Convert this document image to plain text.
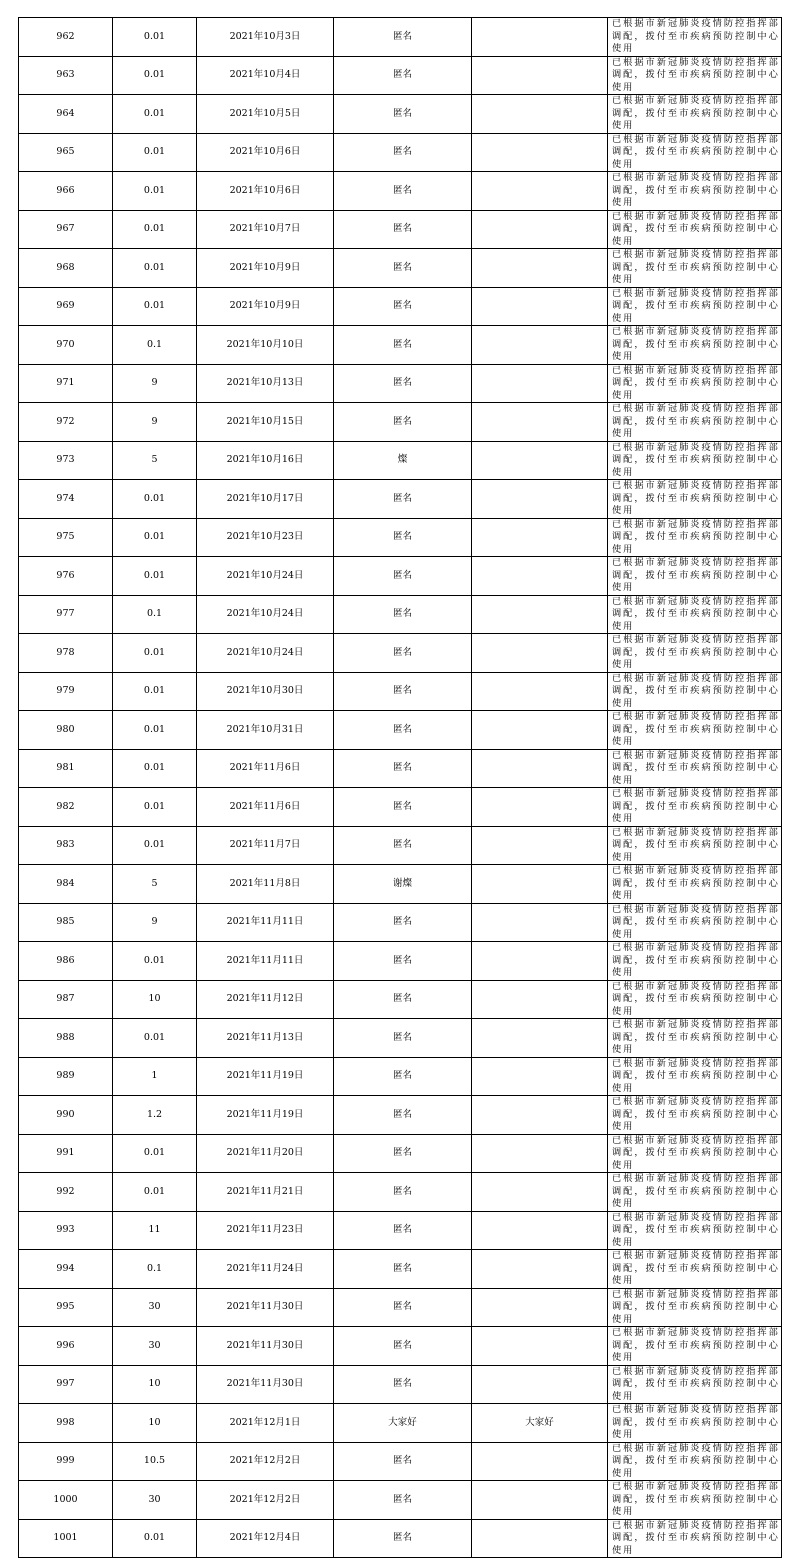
962	0.01	2021年10月3日	匿名		已根据市新冠肺炎疫情防控指挥部调配，拨付至市疾病预防控制中心使用
963	0.01	2021年10月4日	匿名		已根据市新冠肺炎疫情防控指挥部调配，拨付至市疾病预防控制中心使用
964	0.01	2021年10月5日	匿名		已根据市新冠肺炎疫情防控指挥部调配，拨付至市疾病预防控制中心使用
965	0.01	2021年10月6日	匿名		已根据市新冠肺炎疫情防控指挥部调配，拨付至市疾病预防控制中心使用
966	0.01	2021年10月6日	匿名		已根据市新冠肺炎疫情防控指挥部调配，拨付至市疾病预防控制中心使用
967	0.01	2021年10月7日	匿名		已根据市新冠肺炎疫情防控指挥部调配，拨付至市疾病预防控制中心使用
968	0.01	2021年10月9日	匿名		已根据市新冠肺炎疫情防控指挥部调配，拨付至市疾病预防控制中心使用
969	0.01	2021年10月9日	匿名		已根据市新冠肺炎疫情防控指挥部调配，拨付至市疾病预防控制中心使用
970	0.1	2021年10月10日	匿名		已根据市新冠肺炎疫情防控指挥部调配，拨付至市疾病预防控制中心使用
971	9	2021年10月13日	匿名		已根据市新冠肺炎疫情防控指挥部调配，拨付至市疾病预防控制中心使用
972	9	2021年10月15日	匿名		已根据市新冠肺炎疫情防控指挥部调配，拨付至市疾病预防控制中心使用
973	5	2021年10月16日	燦		已根据市新冠肺炎疫情防控指挥部调配，拨付至市疾病预防控制中心使用
974	0.01	2021年10月17日	匿名		已根据市新冠肺炎疫情防控指挥部调配，拨付至市疾病预防控制中心使用
975	0.01	2021年10月23日	匿名		已根据市新冠肺炎疫情防控指挥部调配，拨付至市疾病预防控制中心使用
976	0.01	2021年10月24日	匿名		已根据市新冠肺炎疫情防控指挥部调配，拨付至市疾病预防控制中心使用
977	0.1	2021年10月24日	匿名		已根据市新冠肺炎疫情防控指挥部调配，拨付至市疾病预防控制中心使用
978	0.01	2021年10月24日	匿名		已根据市新冠肺炎疫情防控指挥部调配，拨付至市疾病预防控制中心使用
979	0.01	2021年10月30日	匿名		已根据市新冠肺炎疫情防控指挥部调配，拨付至市疾病预防控制中心使用
980	0.01	2021年10月31日	匿名		已根据市新冠肺炎疫情防控指挥部调配，拨付至市疾病预防控制中心使用
981	0.01	2021年11月6日	匿名		已根据市新冠肺炎疫情防控指挥部调配，拨付至市疾病预防控制中心使用
982	0.01	2021年11月6日	匿名		已根据市新冠肺炎疫情防控指挥部调配，拨付至市疾病预防控制中心使用
983	0.01	2021年11月7日	匿名		已根据市新冠肺炎疫情防控指挥部调配，拨付至市疾病预防控制中心使用
984	5	2021年11月8日	谢燦		已根据市新冠肺炎疫情防控指挥部调配，拨付至市疾病预防控制中心使用
985	9	2021年11月11日	匿名		已根据市新冠肺炎疫情防控指挥部调配，拨付至市疾病预防控制中心使用
986	0.01	2021年11月11日	匿名		已根据市新冠肺炎疫情防控指挥部调配，拨付至市疾病预防控制中心使用
987	10	2021年11月12日	匿名		已根据市新冠肺炎疫情防控指挥部调配，拨付至市疾病预防控制中心使用
988	0.01	2021年11月13日	匿名		已根据市新冠肺炎疫情防控指挥部调配，拨付至市疾病预防控制中心使用
989	1	2021年11月19日	匿名		已根据市新冠肺炎疫情防控指挥部调配，拨付至市疾病预防控制中心使用
990	1.2	2021年11月19日	匿名		已根据市新冠肺炎疫情防控指挥部调配，拨付至市疾病预防控制中心使用
991	0.01	2021年11月20日	匿名		已根据市新冠肺炎疫情防控指挥部调配，拨付至市疾病预防控制中心使用
992	0.01	2021年11月21日	匿名		已根据市新冠肺炎疫情防控指挥部调配，拨付至市疾病预防控制中心使用
993	11	2021年11月23日	匿名		已根据市新冠肺炎疫情防控指挥部调配，拨付至市疾病预防控制中心使用
994	0.1	2021年11月24日	匿名		已根据市新冠肺炎疫情防控指挥部调配，拨付至市疾病预防控制中心使用
995	30	2021年11月30日	匿名		已根据市新冠肺炎疫情防控指挥部调配，拨付至市疾病预防控制中心使用
996	30	2021年11月30日	匿名		已根据市新冠肺炎疫情防控指挥部调配，拨付至市疾病预防控制中心使用
997	10	2021年11月30日	匿名		已根据市新冠肺炎疫情防控指挥部调配，拨付至市疾病预防控制中心使用
998	10	2021年12月1日	大家好	大家好	已根据市新冠肺炎疫情防控指挥部调配，拨付至市疾病预防控制中心使用
999	10.5	2021年12月2日	匿名		已根据市新冠肺炎疫情防控指挥部调配，拨付至市疾病预防控制中心使用
1000	30	2021年12月2日	匿名		已根据市新冠肺炎疫情防控指挥部调配，拨付至市疾病预防控制中心使用
1001	0.01	2021年12月4日	匿名		已根据市新冠肺炎疫情防控指挥部调配，拨付至市疾病预防控制中心使用
